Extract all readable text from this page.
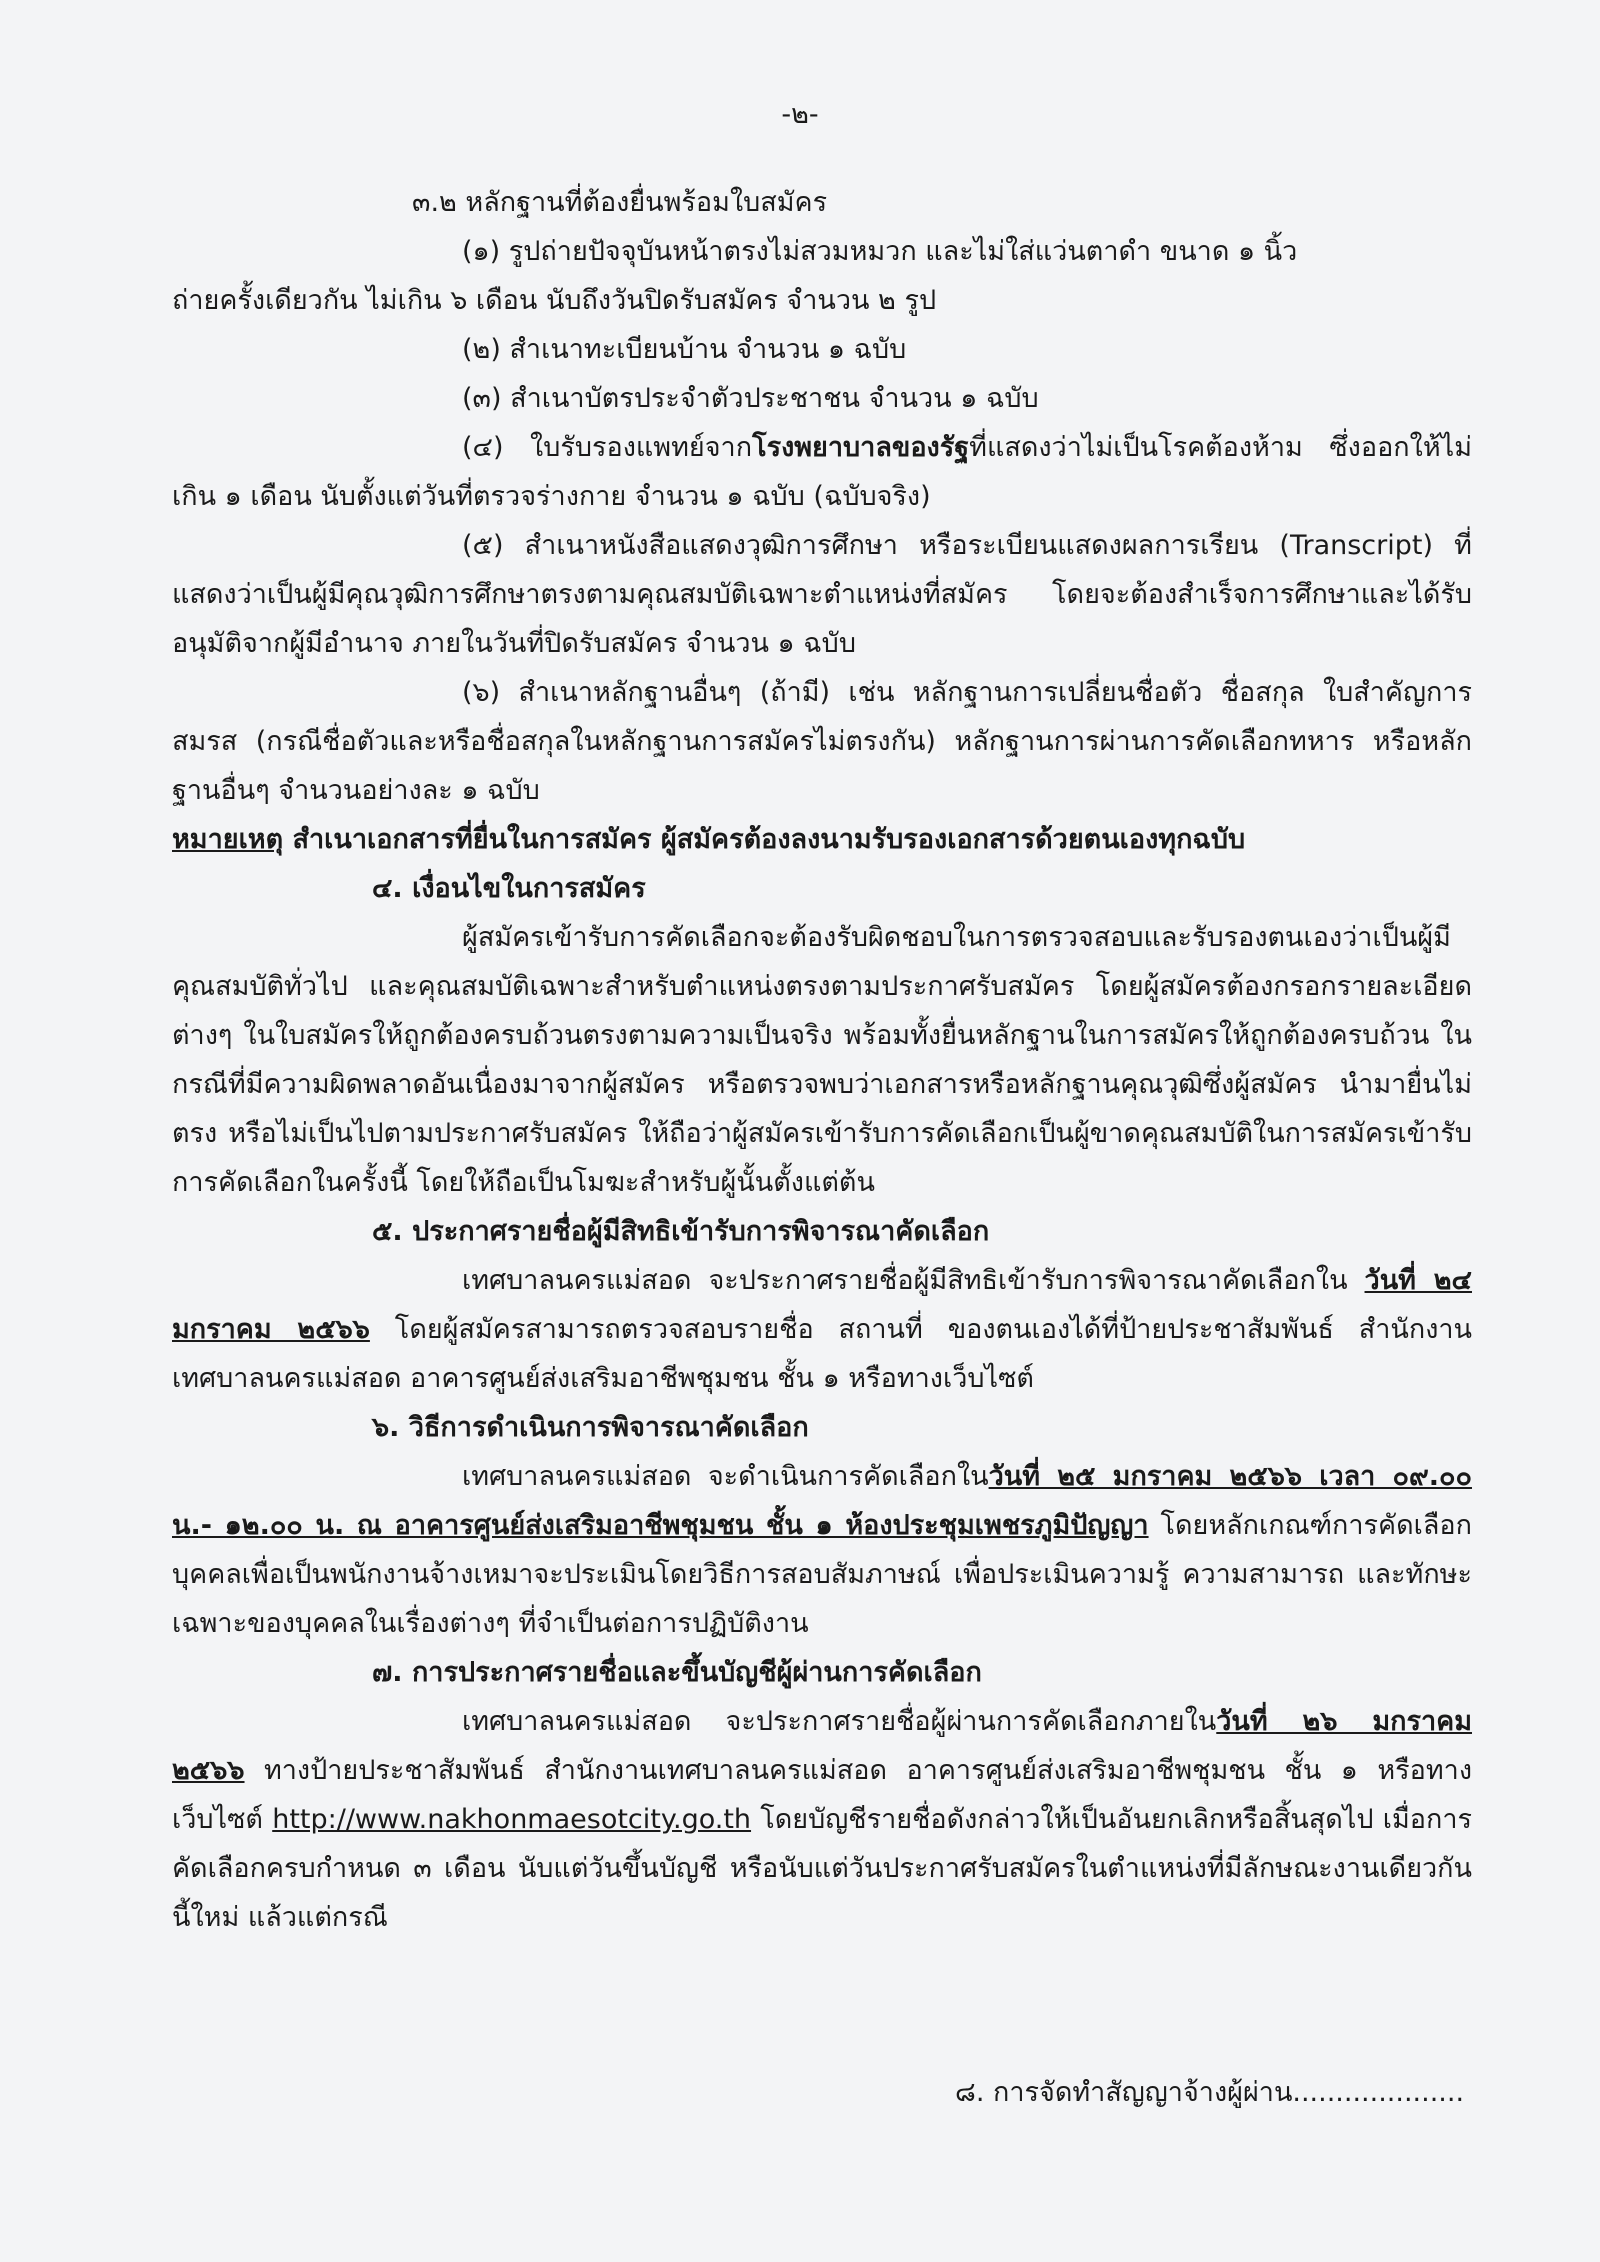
-๒-

๓.๒ หลักฐานที่ต้องยื่นพร้อมใบสมัคร

(๑) รูปถ่ายปัจจุบันหน้าตรงไม่สวมหมวก และไม่ใส่แว่นตาดำ ขนาด ๑ นิ้ว

ถ่ายครั้งเดียวกัน ไม่เกิน ๖ เดือน นับถึงวันปิดรับสมัคร จำนวน ๒ รูป

(๒) สำเนาทะเบียนบ้าน จำนวน ๑ ฉบับ

(๓) สำเนาบัตรประจำตัวประชาชน จำนวน ๑ ฉบับ

(๔) ใบรับรองแพทย์จากโรงพยาบาลของรัฐที่แสดงว่าไม่เป็นโรคต้องห้าม ซึ่งออกให้ไม่เกิน ๑ เดือน นับตั้งแต่วันที่ตรวจร่างกาย จำนวน ๑ ฉบับ (ฉบับจริง)

(๕) สำเนาหนังสือแสดงวุฒิการศึกษา หรือระเบียนแสดงผลการเรียน (Transcript) ที่แสดงว่าเป็นผู้มีคุณวุฒิการศึกษาตรงตามคุณสมบัติเฉพาะตำแหน่งที่สมัคร โดยจะต้องสำเร็จการศึกษาและได้รับอนุมัติจากผู้มีอำนาจ ภายในวันที่ปิดรับสมัคร จำนวน ๑ ฉบับ

(๖) สำเนาหลักฐานอื่นๆ (ถ้ามี) เช่น หลักฐานการเปลี่ยนชื่อตัว ชื่อสกุล ใบสำคัญการสมรส (กรณีชื่อตัวและหรือชื่อสกุลในหลักฐานการสมัครไม่ตรงกัน) หลักฐานการผ่านการคัดเลือกทหาร หรือหลักฐานอื่นๆ จำนวนอย่างละ ๑ ฉบับ

หมายเหตุ สำเนาเอกสารที่ยื่นในการสมัคร ผู้สมัครต้องลงนามรับรองเอกสารด้วยตนเองทุกฉบับ

๔. เงื่อนไขในการสมัคร

ผู้สมัครเข้ารับการคัดเลือกจะต้องรับผิดชอบในการตรวจสอบและรับรองตนเองว่าเป็นผู้มีคุณสมบัติทั่วไป และคุณสมบัติเฉพาะสำหรับตำแหน่งตรงตามประกาศรับสมัคร โดยผู้สมัครต้องกรอกรายละเอียดต่างๆ ในใบสมัครให้ถูกต้องครบถ้วนตรงตามความเป็นจริง พร้อมทั้งยื่นหลักฐานในการสมัครให้ถูกต้องครบถ้วน ในกรณีที่มีความผิดพลาดอันเนื่องมาจากผู้สมัคร หรือตรวจพบว่าเอกสารหรือหลักฐานคุณวุฒิซึ่งผู้สมัคร นำมายื่นไม่ตรง หรือไม่เป็นไปตามประกาศรับสมัคร ให้ถือว่าผู้สมัครเข้ารับการคัดเลือกเป็นผู้ขาดคุณสมบัติในการสมัครเข้ารับการคัดเลือกในครั้งนี้ โดยให้ถือเป็นโมฆะสำหรับผู้นั้นตั้งแต่ต้น

๕. ประกาศรายชื่อผู้มีสิทธิเข้ารับการพิจารณาคัดเลือก

เทศบาลนครแม่สอด จะประกาศรายชื่อผู้มีสิทธิเข้ารับการพิจารณาคัดเลือกใน วันที่ ๒๔ มกราคม ๒๕๖๖ โดยผู้สมัครสามารถตรวจสอบรายชื่อ สถานที่ ของตนเองได้ที่ป้ายประชาสัมพันธ์ สำนักงานเทศบาลนครแม่สอด อาคารศูนย์ส่งเสริมอาชีพชุมชน ชั้น ๑ หรือทางเว็บไซต์

๖. วิธีการดำเนินการพิจารณาคัดเลือก

เทศบาลนครแม่สอด จะดำเนินการคัดเลือกในวันที่ ๒๕ มกราคม ๒๕๖๖ เวลา ๐๙.๐๐ น.- ๑๒.๐๐ น. ณ อาคารศูนย์ส่งเสริมอาชีพชุมชน ชั้น ๑ ห้องประชุมเพชรภูมิปัญญา โดยหลักเกณฑ์การคัดเลือกบุคคลเพื่อเป็นพนักงานจ้างเหมาจะประเมินโดยวิธีการสอบสัมภาษณ์ เพื่อประเมินความรู้ ความสามารถ และทักษะเฉพาะของบุคคลในเรื่องต่างๆ ที่จำเป็นต่อการปฏิบัติงาน

๗. การประกาศรายชื่อและขึ้นบัญชีผู้ผ่านการคัดเลือก

เทศบาลนครแม่สอด จะประกาศรายชื่อผู้ผ่านการคัดเลือกภายในวันที่ ๒๖ มกราคม ๒๕๖๖ ทางป้ายประชาสัมพันธ์ สำนักงานเทศบาลนครแม่สอด อาคารศูนย์ส่งเสริมอาชีพชุมชน ชั้น ๑ หรือทางเว็บไซต์ http://www.nakhonmaesotcity.go.th โดยบัญชีรายชื่อดังกล่าวให้เป็นอันยกเลิกหรือสิ้นสุดไป เมื่อการคัดเลือกครบกำหนด ๓ เดือน นับแต่วันขึ้นบัญชี หรือนับแต่วันประกาศรับสมัครในตำแหน่งที่มีลักษณะงานเดียวกันนี้ใหม่ แล้วแต่กรณี

๘. การจัดทำสัญญาจ้างผู้ผ่าน....................
